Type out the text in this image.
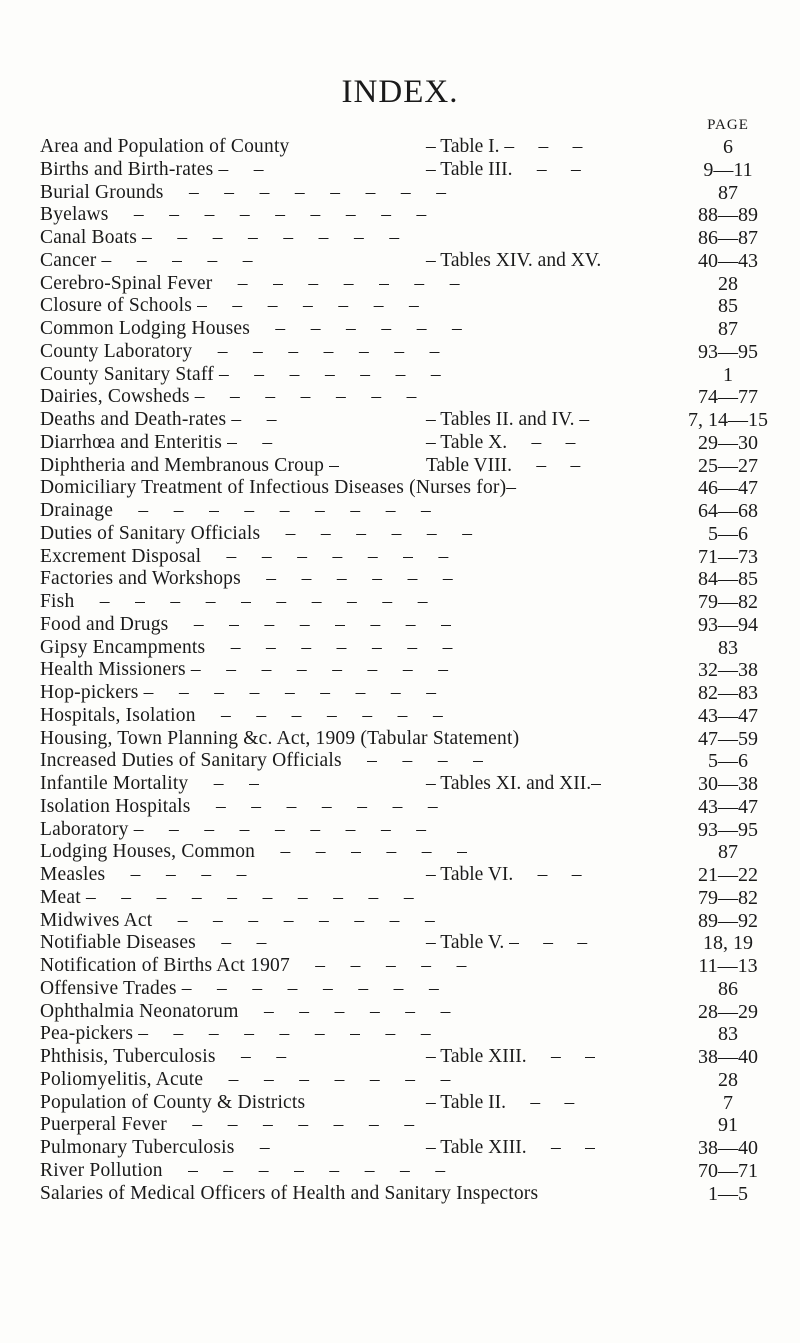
INDEX.
PAGE
Area and Population of County	– Table I. –     –     –	6
Births and Birth-rates –     –	– Table III.     –     –	9—11
Burial Grounds     –     –     –     –     –     –     –     –	87
Byelaws     –     –     –     –     –     –     –     –     –	88—89
Canal Boats –     –     –     –     –     –     –     –	86—87
Cancer –     –     –     –     –	– Tables XIV. and XV.	40—43
Cerebro-Spinal Fever     –     –     –     –     –     –     –	28
Closure of Schools –     –     –     –     –     –     –	85
Common Lodging Houses     –     –     –     –     –     –	87
County Laboratory     –     –     –     –     –     –     –	93—95
County Sanitary Staff –     –     –     –     –     –     –	1
Dairies, Cowsheds –     –     –     –     –     –     –	74—77
Deaths and Death-rates –     –	– Tables II. and IV. –	7, 14—15
Diarrhœa and Enteritis –     –	– Table X.     –     –	29—30
Diphtheria and Membranous Croup –	Table VIII.     –     –	25—27
Domiciliary Treatment of Infectious Diseases (Nurses for)–	46—47
Drainage     –     –     –     –     –     –     –     –     –	64—68
Duties of Sanitary Officials     –     –     –     –     –     –	5—6
Excrement Disposal     –     –     –     –     –     –     –	71—73
Factories and Workshops     –     –     –     –     –     –	84—85
Fish     –     –     –     –     –     –     –     –     –     –	79—82
Food and Drugs     –     –     –     –     –     –     –     –	93—94
Gipsy Encampments     –     –     –     –     –     –     –	83
Health Missioners –     –     –     –     –     –     –     –	32—38
Hop-pickers –     –     –     –     –     –     –     –     –	82—83
Hospitals, Isolation     –     –     –     –     –     –     –	43—47
Housing, Town Planning &c. Act, 1909 (Tabular Statement)	47—59
Increased Duties of Sanitary Officials     –     –     –     –	5—6
Infantile Mortality     –     –	– Tables XI. and XII.–	30—38
Isolation Hospitals     –     –     –     –     –     –     –	43—47
Laboratory –     –     –     –     –     –     –     –     –	93—95
Lodging Houses, Common     –     –     –     –     –     –	87
Measles     –     –     –     –	– Table VI.     –     –	21—22
Meat –     –     –     –     –     –     –     –     –     –	79—82
Midwives Act     –     –     –     –     –     –     –     –	89—92
Notifiable Diseases     –     –	– Table V. –     –     –	18, 19
Notification of Births Act 1907     –     –     –     –     –	11—13
Offensive Trades –     –     –     –     –     –     –     –	86
Ophthalmia Neonatorum     –     –     –     –     –     –	28—29
Pea-pickers –     –     –     –     –     –     –     –     –	83
Phthisis, Tuberculosis     –     –	– Table XIII.     –     –	38—40
Poliomyelitis, Acute     –     –     –     –     –     –     –	28
Population of County & Districts	– Table II.     –     –	7
Puerperal Fever     –     –     –     –     –     –     –	91
Pulmonary Tuberculosis     –	– Table XIII.     –     –	38—40
River Pollution     –     –     –     –     –     –     –     –	70—71
Salaries of Medical Officers of Health and Sanitary Inspectors	1—5
